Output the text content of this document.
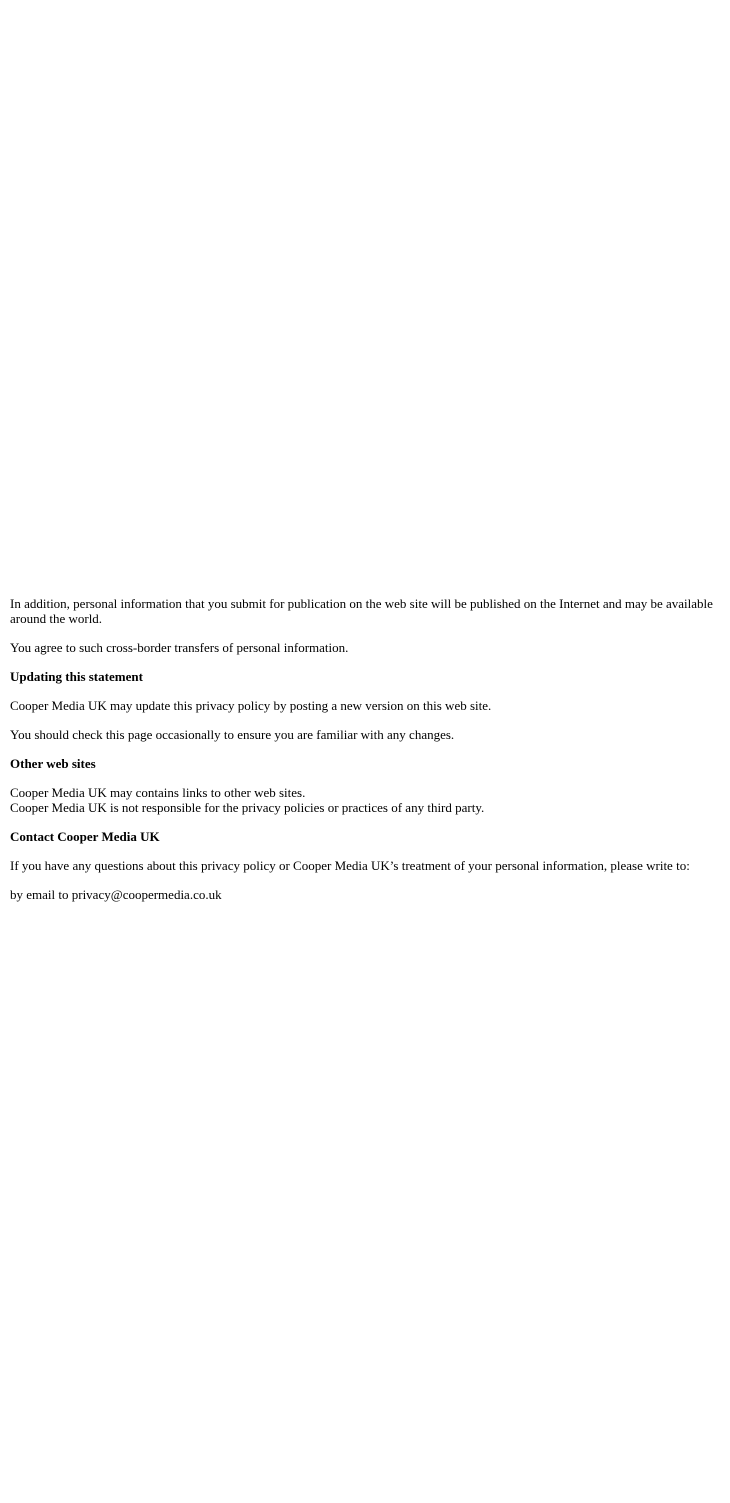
In addition, personal information that you submit for publication on the web site will be published on the Internet and may be available around the world.

You agree to such cross-border transfers of personal information.

Updating this statement

Cooper Media UK may update this privacy policy by posting a new version on this web site.

You should check this page occasionally to ensure you are familiar with any changes.

Other web sites

Cooper Media UK may contains links to other web sites.
Cooper Media UK is not responsible for the privacy policies or practices of any third party.

Contact Cooper Media UK

If you have any questions about this privacy policy or Cooper Media UK’s treatment of your personal information, please write to:

by email to privacy@coopermedia.co.uk
